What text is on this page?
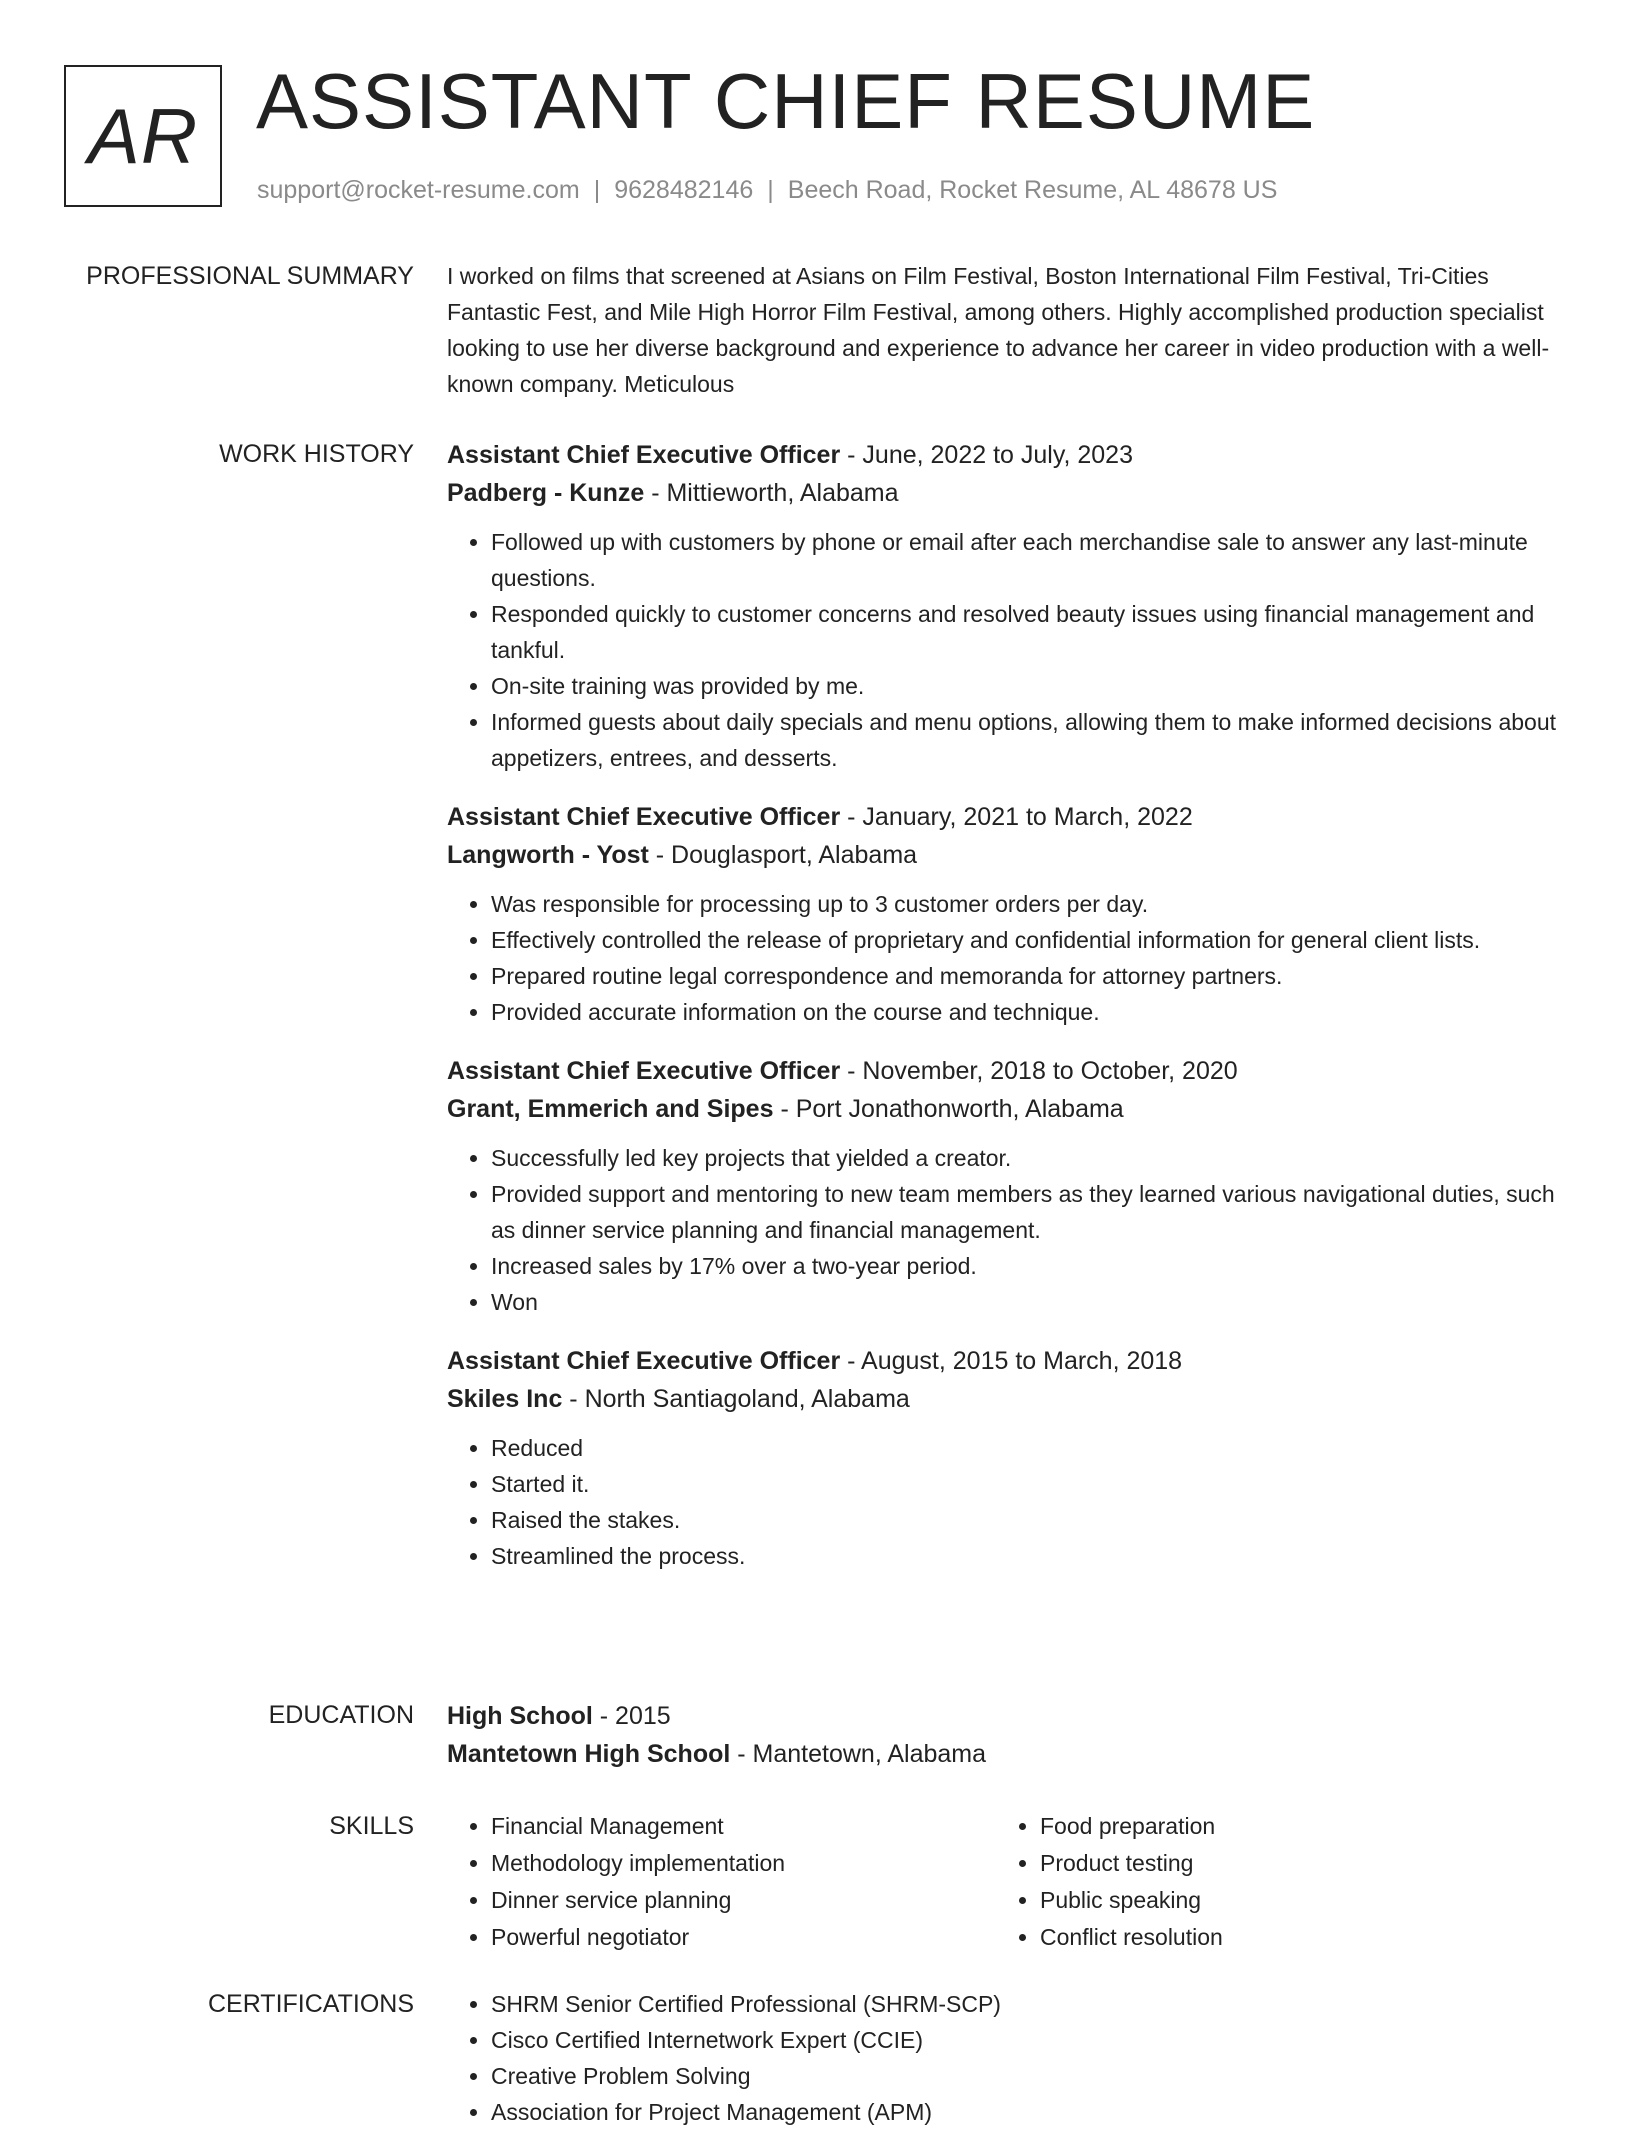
AR ASSISTANT CHIEF RESUME
support@rocket-resume.com | 9628482146 | Beech Road, Rocket Resume, AL 48678 US
PROFESSIONAL SUMMARY I worked on films that screened at Asians on Film Festival, Boston International Film Festival, Tri-Cities Fantastic Fest, and Mile High Horror Film Festival, among others. Highly accomplished production specialist looking to use her diverse background and experience to advance her career in video production with a well-known company. Meticulous

WORK HISTORY Assistant Chief Executive Officer - June, 2022 to July, 2023
Padberg - Kunze - Mittieworth, Alabama
• Followed up with customers by phone or email after each merchandise sale to answer any last-minute questions.
• Responded quickly to customer concerns and resolved beauty issues using financial management and tankful.
• On-site training was provided by me.
• Informed guests about daily specials and menu options, allowing them to make informed decisions about appetizers, entrees, and desserts.
Assistant Chief Executive Officer - January, 2021 to March, 2022
Langworth - Yost - Douglasport, Alabama
• Was responsible for processing up to 3 customer orders per day.
• Effectively controlled the release of proprietary and confidential information for general client lists.
• Prepared routine legal correspondence and memoranda for attorney partners.
• Provided accurate information on the course and technique.
Assistant Chief Executive Officer - November, 2018 to October, 2020
Grant, Emmerich and Sipes - Port Jonathonworth, Alabama
• Successfully led key projects that yielded a creator.
• Provided support and mentoring to new team members as they learned various navigational duties, such as dinner service planning and financial management.
• Increased sales by 17% over a two-year period.
• Won
Assistant Chief Executive Officer - August, 2015 to March, 2018
Skiles Inc - North Santiagoland, Alabama
• Reduced
• Started it.
• Raised the stakes.
• Streamlined the process.
EDUCATION High School - 2015
Mantetown High School - Mantetown, Alabama
SKILLS	• Financial Management
• Methodology implementation
• Dinner service planning
• Powerful negotiator
• Food preparation
• Product testing
• Public speaking
• Conflict resolution
CERTIFICATIONS	• SHRM Senior Certified Professional (SHRM-SCP)
• Cisco Certified Internetwork Expert (CCIE)
• Creative Problem Solving
• Association for Project Management (APM)
